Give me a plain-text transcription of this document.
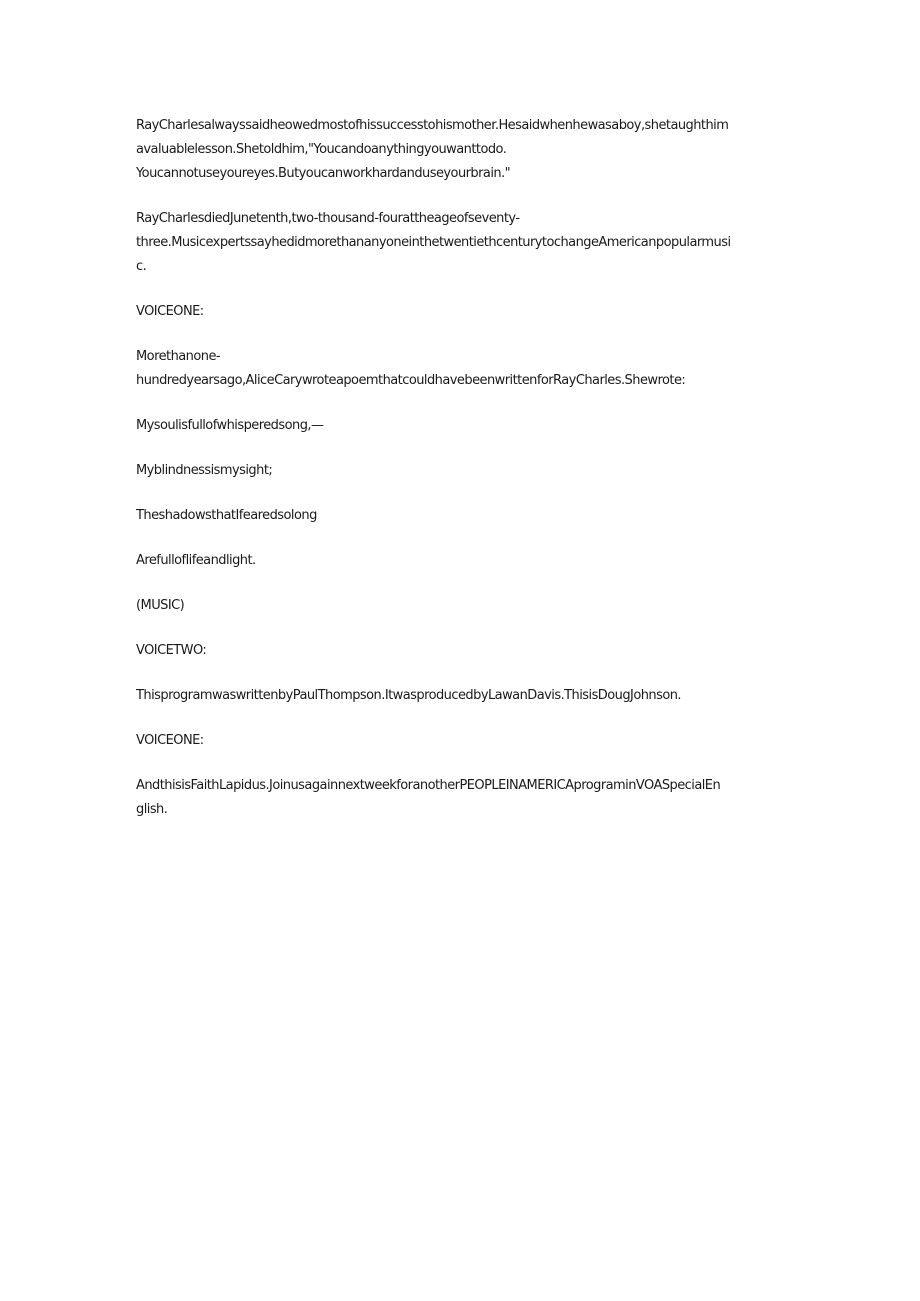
RayCharlesalwayssaidheowedmostofhissuccesstohismother.Hesaidwhenhewasaboy,shetaughthim
avaluablelesson.Shetoldhim,"Youcandoanythingyouwanttodo.
Youcannotuseyoureyes.Butyoucanworkhardanduseyourbrain."

RayCharlesdiedJunetenth,two-thousand-fourattheageofseventy-
three.MusicexpertssayhedidmorethananyoneinthetwentiethcenturytochangeAmericanpopularmusi
c.

VOICEONE:

Morethanone-
hundredyearsago,AliceCarywroteapoemthatcouldhavebeenwrittenforRayCharles.Shewrote:

Mysoulisfullofwhisperedsong,—

Myblindnessismysight;

TheshadowsthatIfearedsolong

Arefulloflifeandlight.

(MUSIC)

VOICETWO:

ThisprogramwaswrittenbyPaulThompson.ItwasproducedbyLawanDavis.ThisisDougJohnson.

VOICEONE:

AndthisisFaithLapidus.JoinusagainnextweekforanotherPEOPLEINAMERICAprograminVOASpecialEn
glish.
